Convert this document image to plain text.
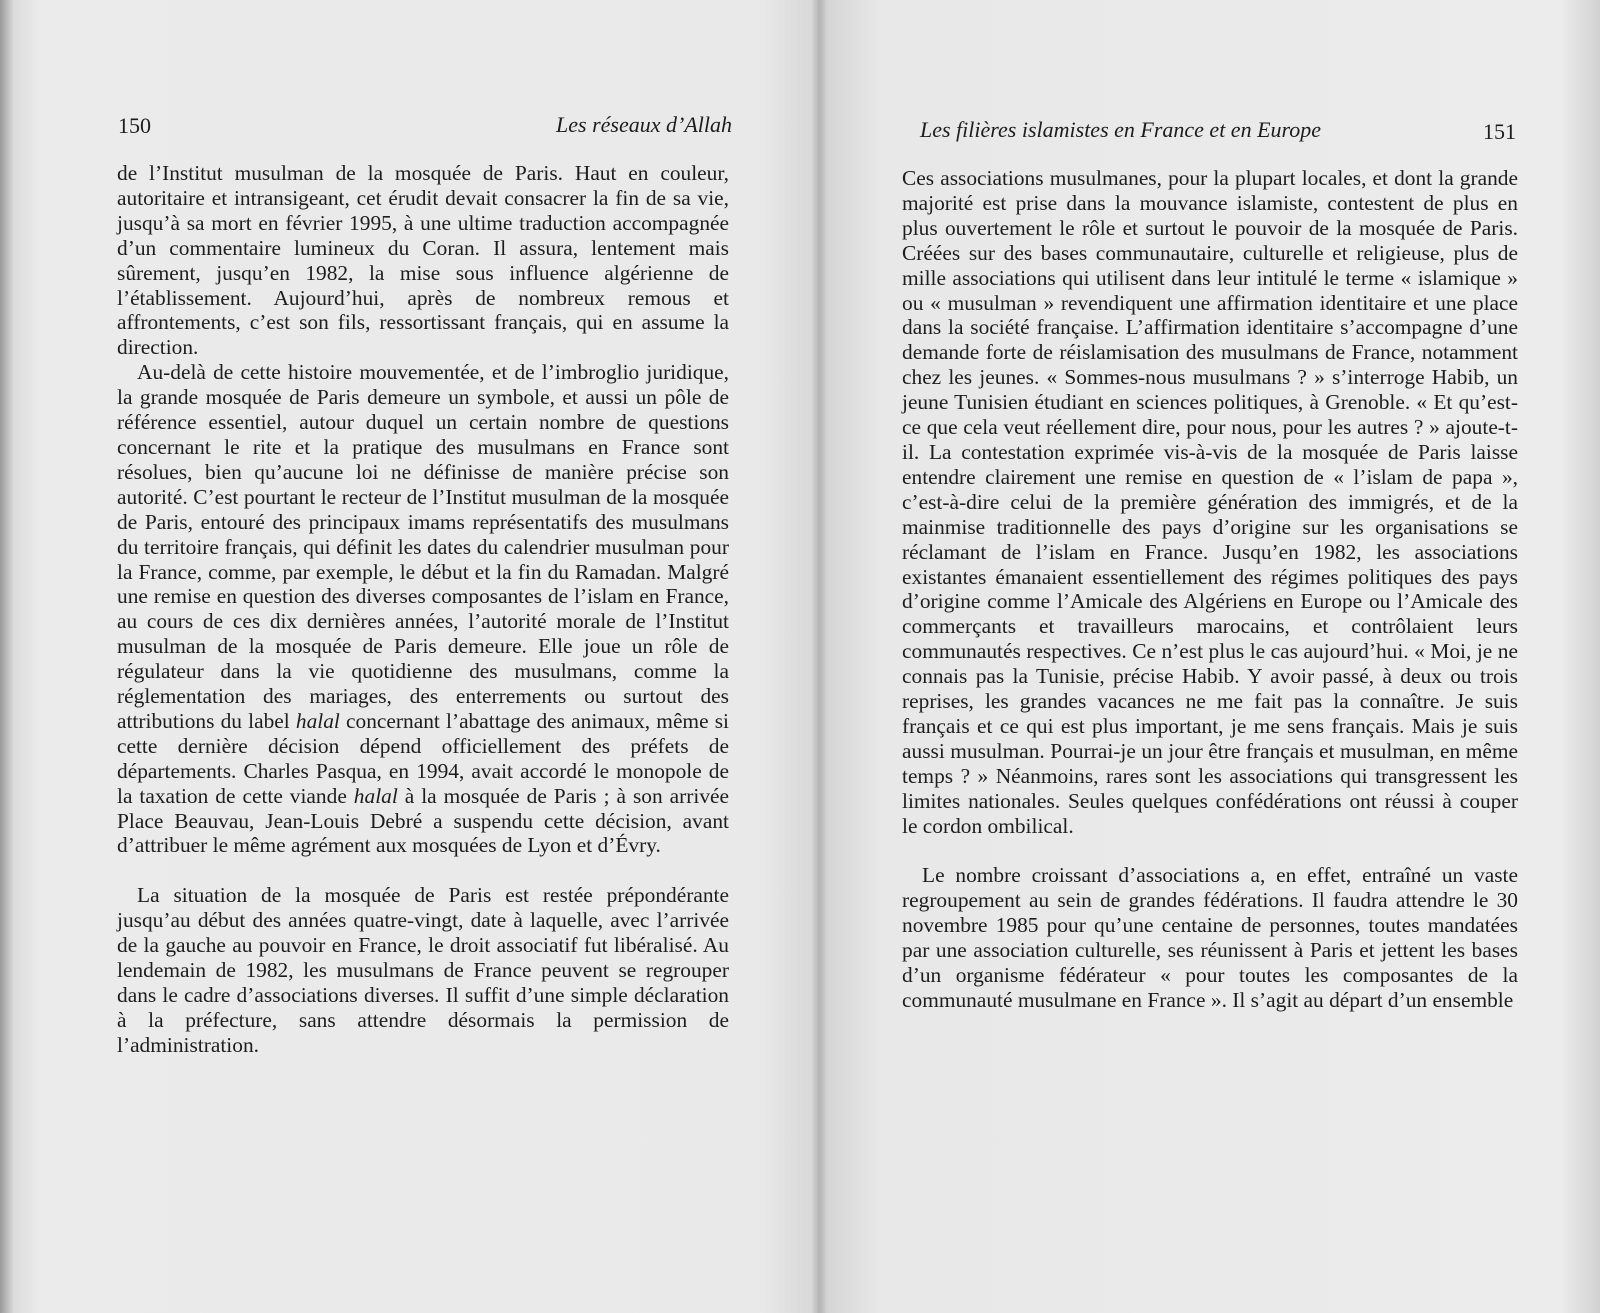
150	Les réseaux d’Allah

de l’Institut musulman de la mosquée de Paris. Haut en couleur, autoritaire et intransigeant, cet érudit devait consacrer la fin de sa vie, jusqu’à sa mort en février 1995, à une ultime traduction accompagnée d’un commentaire lumineux du Coran. Il assura, lentement mais sûrement, jusqu’en 1982, la mise sous influence algérienne de l’établissement. Aujourd’hui, après de nombreux remous et affrontements, c’est son fils, ressortissant français, qui en assume la direction.

Au-delà de cette histoire mouvementée, et de l’imbroglio juridique, la grande mosquée de Paris demeure un symbole, et aussi un pôle de référence essentiel, autour duquel un certain nombre de questions concernant le rite et la pratique des musulmans en France sont résolues, bien qu’aucune loi ne définisse de manière précise son autorité. C’est pourtant le recteur de l’Institut musulman de la mosquée de Paris, entouré des principaux imams représentatifs des musulmans du territoire français, qui définit les dates du calendrier musulman pour la France, comme, par exemple, le début et la fin du Ramadan. Malgré une remise en question des diverses composantes de l’islam en France, au cours de ces dix dernières années, l’autorité morale de l’Institut musulman de la mosquée de Paris demeure. Elle joue un rôle de régulateur dans la vie quotidienne des musulmans, comme la réglementation des mariages, des enterrements ou surtout des attributions du label halal concernant l’abattage des animaux, même si cette dernière décision dépend officiellement des préfets de départements. Charles Pasqua, en 1994, avait accordé le monopole de la taxation de cette viande halal à la mosquée de Paris ; à son arrivée Place Beauvau, Jean-Louis Debré a suspendu cette décision, avant d’attribuer le même agrément aux mosquées de Lyon et d’Évry.

La situation de la mosquée de Paris est restée prépondérante jusqu’au début des années quatre-vingt, date à laquelle, avec l’arrivée de la gauche au pouvoir en France, le droit associatif fut libéralisé. Au lendemain de 1982, les musulmans de France peuvent se regrouper dans le cadre d’associations diverses. Il suffit d’une simple déclaration à la préfecture, sans attendre désormais la permission de l’administration.

Les filières islamistes en France et en Europe	151

Ces associations musulmanes, pour la plupart locales, et dont la grande majorité est prise dans la mouvance islamiste, contestent de plus en plus ouvertement le rôle et surtout le pouvoir de la mosquée de Paris. Créées sur des bases communautaire, culturelle et religieuse, plus de mille associations qui utilisent dans leur intitulé le terme « islamique » ou « musulman » revendiquent une affirmation identitaire et une place dans la société française. L’affirmation identitaire s’accompagne d’une demande forte de réislamisation des musulmans de France, notamment chez les jeunes. « Sommes-nous musulmans ? » s’interroge Habib, un jeune Tunisien étudiant en sciences politiques, à Grenoble. « Et qu’est-ce que cela veut réellement dire, pour nous, pour les autres ? » ajoute-t-il. La contestation exprimée vis-à-vis de la mosquée de Paris laisse entendre clairement une remise en question de « l’islam de papa », c’est-à-dire celui de la première génération des immigrés, et de la mainmise traditionnelle des pays d’origine sur les organisations se réclamant de l’islam en France. Jusqu’en 1982, les associations existantes émanaient essentiellement des régimes politiques des pays d’origine comme l’Amicale des Algériens en Europe ou l’Amicale des commerçants et travailleurs marocains, et contrôlaient leurs communautés respectives. Ce n’est plus le cas aujourd’hui. « Moi, je ne connais pas la Tunisie, précise Habib. Y avoir passé, à deux ou trois reprises, les grandes vacances ne me fait pas la connaître. Je suis français et ce qui est plus important, je me sens français. Mais je suis aussi musulman. Pourrai-je un jour être français et musulman, en même temps ? » Néanmoins, rares sont les associations qui transgressent les limites nationales. Seules quelques confédérations ont réussi à couper le cordon ombilical.

Le nombre croissant d’associations a, en effet, entraîné un vaste regroupement au sein de grandes fédérations. Il faudra attendre le 30 novembre 1985 pour qu’une centaine de personnes, toutes mandatées par une association culturelle, ses réunissent à Paris et jettent les bases d’un organisme fédérateur « pour toutes les composantes de la communauté musulmane en France ». Il s’agit au départ d’un ensemble
